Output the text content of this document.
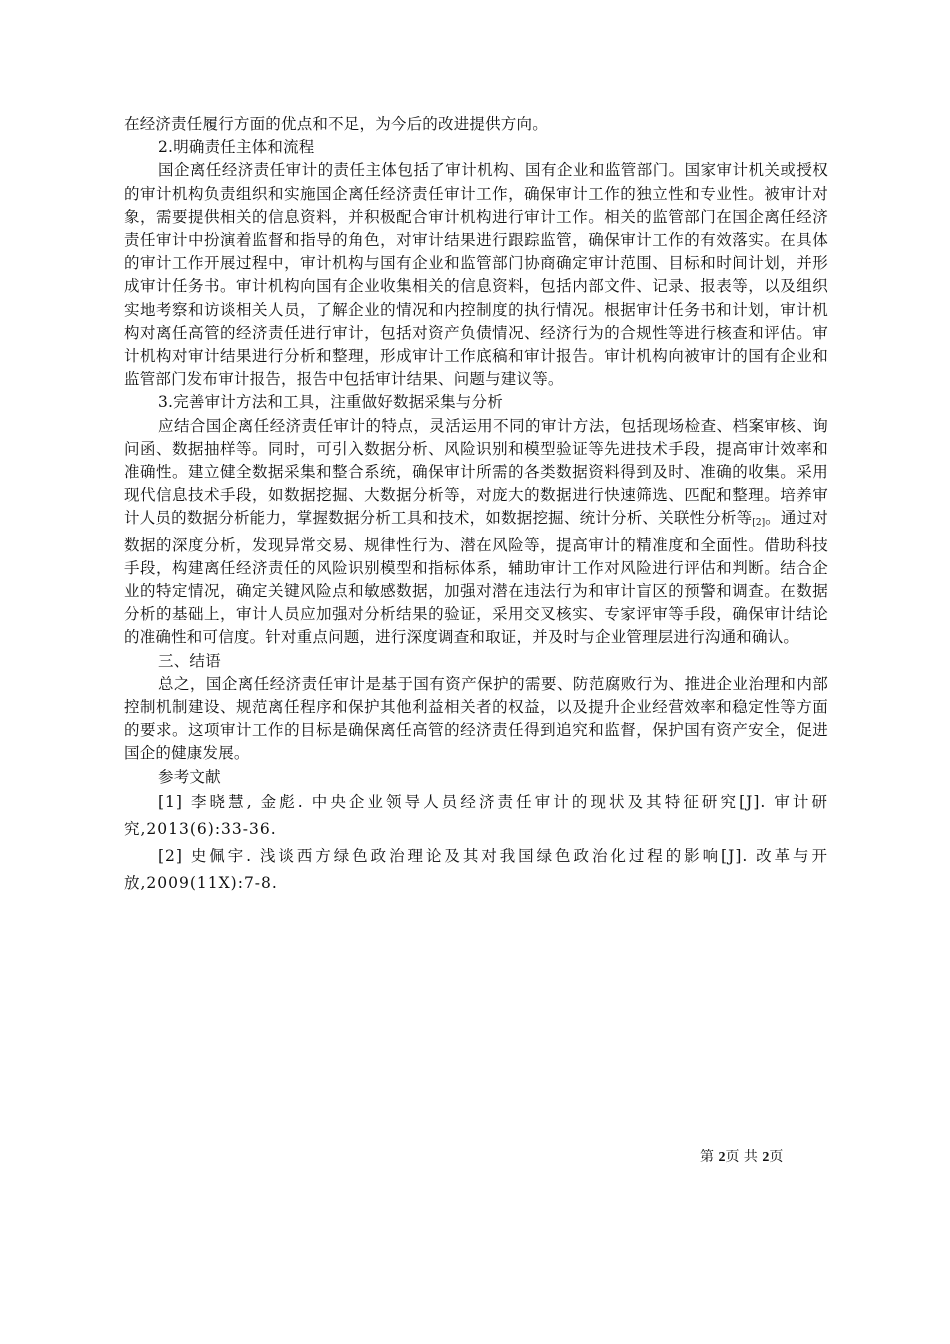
在经济责任履行方面的优点和不足，为今后的改进提供方向。

2.明确责任主体和流程

国企离任经济责任审计的责任主体包括了审计机构、国有企业和监管部门。国家审计机关或授权的审计机构负责组织和实施国企离任经济责任审计工作，确保审计工作的独立性和专业性。被审计对象，需要提供相关的信息资料，并积极配合审计机构进行审计工作。相关的监管部门在国企离任经济责任审计中扮演着监督和指导的角色，对审计结果进行跟踪监管，确保审计工作的有效落实。在具体的审计工作开展过程中，审计机构与国有企业和监管部门协商确定审计范围、目标和时间计划，并形成审计任务书。审计机构向国有企业收集相关的信息资料，包括内部文件、记录、报表等，以及组织实地考察和访谈相关人员，了解企业的情况和内控制度的执行情况。根据审计任务书和计划，审计机构对离任高管的经济责任进行审计，包括对资产负债情况、经济行为的合规性等进行核查和评估。审计机构对审计结果进行分析和整理，形成审计工作底稿和审计报告。审计机构向被审计的国有企业和监管部门发布审计报告，报告中包括审计结果、问题与建议等。

3.完善审计方法和工具，注重做好数据采集与分析

应结合国企离任经济责任审计的特点，灵活运用不同的审计方法，包括现场检查、档案审核、询问函、数据抽样等。同时，可引入数据分析、风险识别和模型验证等先进技术手段，提高审计效率和准确性。建立健全数据采集和整合系统，确保审计所需的各类数据资料得到及时、准确的收集。采用现代信息技术手段，如数据挖掘、大数据分析等，对庞大的数据进行快速筛选、匹配和整理。培养审计人员的数据分析能力，掌握数据分析工具和技术，如数据挖掘、统计分析、关联性分析等[2]。通过对数据的深度分析，发现异常交易、规律性行为、潜在风险等，提高审计的精准度和全面性。借助科技手段，构建离任经济责任的风险识别模型和指标体系，辅助审计工作对风险进行评估和判断。结合企业的特定情况，确定关键风险点和敏感数据，加强对潜在违法行为和审计盲区的预警和调查。在数据分析的基础上，审计人员应加强对分析结果的验证，采用交叉核实、专家评审等手段，确保审计结论的准确性和可信度。针对重点问题，进行深度调查和取证，并及时与企业管理层进行沟通和确认。

三、结语

总之，国企离任经济责任审计是基于国有资产保护的需要、防范腐败行为、推进企业治理和内部控制机制建设、规范离任程序和保护其他利益相关者的权益，以及提升企业经营效率和稳定性等方面的要求。这项审计工作的目标是确保离任高管的经济责任得到追究和监督，保护国有资产安全，促进国企的健康发展。

参考文献

[1] 李晓慧, 金彪. 中央企业领导人员经济责任审计的现状及其特征研究[J]. 审计研究,2013(6):33-36.

[2] 史佩宇. 浅谈西方绿色政治理论及其对我国绿色政治化过程的影响[J]. 改革与开放,2009(11X):7-8.

第 2页 共 2页
